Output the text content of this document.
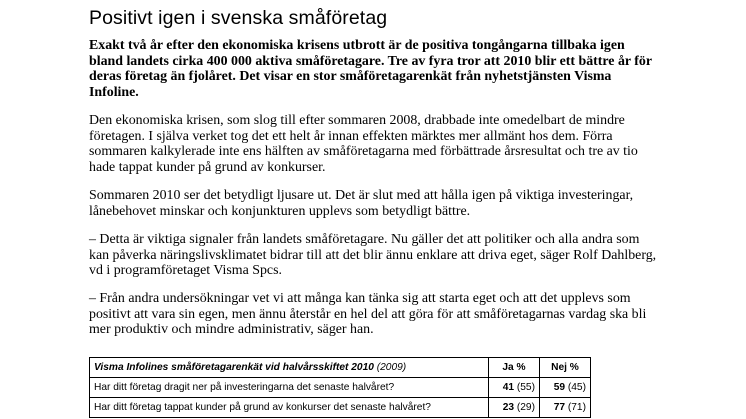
Positivt igen i svenska småföretag

Exakt två år efter den ekonomiska krisens utbrott är de positiva tongångarna tillbaka igen bland landets cirka 400 000 aktiva småföretagare. Tre av fyra tror att 2010 blir ett bättre år för deras företag än fjolåret. Det visar en stor småföretagarenkät från nyhetstjänsten Visma Infoline.

Den ekonomiska krisen, som slog till efter sommaren 2008, drabbade inte omedelbart de mindre företagen. I själva verket tog det ett helt år innan effekten märktes mer allmänt hos dem. Förra sommaren kalkylerade inte ens hälften av småföretagarna med förbättrade årsresultat och tre av tio hade tappat kunder på grund av konkurser.

Sommaren 2010 ser det betydligt ljusare ut. Det är slut med att hålla igen på viktiga investeringar, lånebehovet minskar och konjunkturen upplevs som betydligt bättre.

– Detta är viktiga signaler från landets småföretagare. Nu gäller det att politiker och alla andra som kan påverka näringslivsklimatet bidrar till att det blir ännu enklare att driva eget, säger Rolf Dahlberg, vd i programföretaget Visma Spcs.

– Från andra undersökningar vet vi att många kan tänka sig att starta eget och att det upplevs som positivt att vara sin egen, men ännu återstår en hel del att göra för att småföretagarnas vardag ska bli mer produktiv och mindre administrativ, säger han.

Visma Infolines småföretagarenkät vid halvårsskiftet 2010 (2009)	Ja %	Nej %
Har ditt företag dragit ner på investeringarna det senaste halvåret?	41 (55)	59 (45)
Har ditt företag tappat kunder på grund av konkurser det senaste halvåret?	23 (29)	77 (71)
